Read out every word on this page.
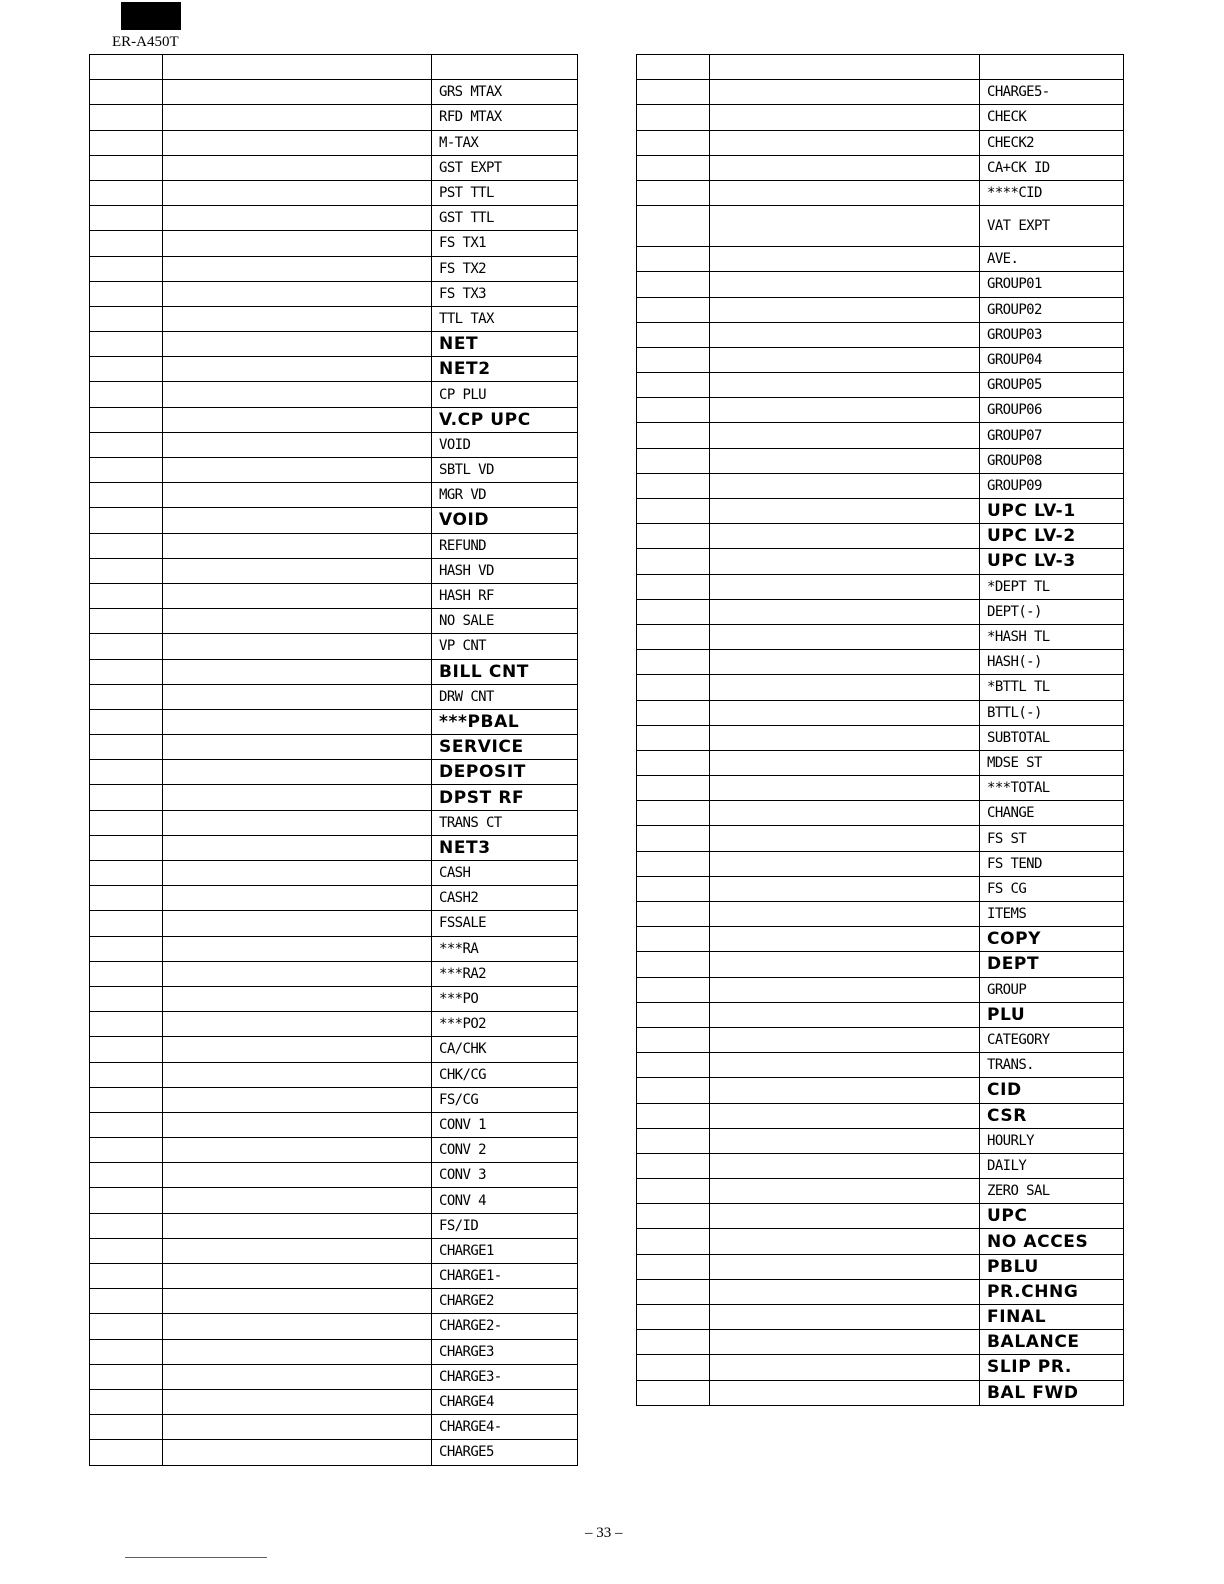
ER-A450T

		GRS MTAX
		RFD MTAX
		M-TAX
		GST EXPT
		PST TTL
		GST TTL
		FS TX1
		FS TX2
		FS TX3
		TTL TAX
		NET
		NET2
		CP PLU
		V.CP UPC
		VOID
		SBTL VD
		MGR VD
		VOID
		REFUND
		HASH VD
		HASH RF
		NO SALE
		VP CNT
		BILL CNT
		DRW CNT
		***PBAL
		SERVICE
		DEPOSIT
		DPST RF
		TRANS CT
		NET3
		CASH
		CASH2
		FSSALE
		***RA
		***RA2
		***PO
		***PO2
		CA/CHK
		CHK/CG
		FS/CG
		CONV 1
		CONV 2
		CONV 3
		CONV 4
		FS/ID
		CHARGE1
		CHARGE1-
		CHARGE2
		CHARGE2-
		CHARGE3
		CHARGE3-
		CHARGE4
		CHARGE4-
		CHARGE5

		CHARGE5-
		CHECK
		CHECK2
		CA+CK ID
		****CID
		VAT EXPT
		AVE.
		GROUP01
		GROUP02
		GROUP03
		GROUP04
		GROUP05
		GROUP06
		GROUP07
		GROUP08
		GROUP09
		UPC LV-1
		UPC LV-2
		UPC LV-3
		*DEPT TL
		DEPT(-)
		*HASH TL
		HASH(-)
		*BTTL TL
		BTTL(-)
		SUBTOTAL
		MDSE ST
		***TOTAL
		CHANGE
		FS ST
		FS TEND
		FS CG
		ITEMS
		COPY
		DEPT
		GROUP
		PLU
		CATEGORY
		TRANS.
		CID
		CSR
		HOURLY
		DAILY
		ZERO SAL
		UPC
		NO ACCES
		PBLU
		PR.CHNG
		FINAL
		BALANCE
		SLIP PR.
		BAL FWD
– 33 –
